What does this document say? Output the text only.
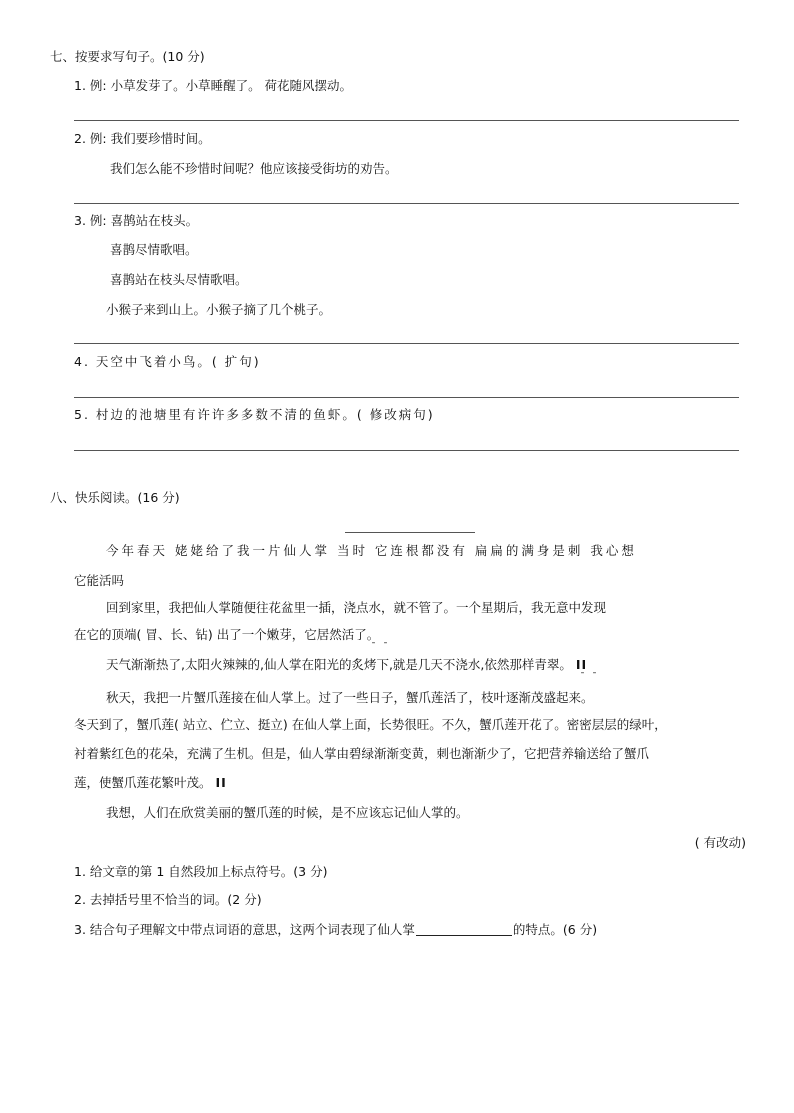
七、按要求写句子。(10 分)
1. 例: 小草发芽了。小草睡醒了。 荷花随风摆动。
2. 例: 我们要珍惜时间。
我们怎么能不珍惜时间呢？他应该接受街坊的劝告。
3. 例: 喜鹊站在枝头。
喜鹊尽情歌唱。
喜鹊站在枝头尽情歌唱。
小猴子来到山上。小猴子摘了几个桃子。
4. 天空中飞着小鸟。( 扩句)
5. 村边的池塘里有许许多多数不清的鱼虾。( 修改病句)
八、快乐阅读。(16 分)
今年春天 姥姥给了我一片仙人掌 当时 它连根都没有 扁扁的满身是刺 我心想
它能活吗
回到家里，我把仙人掌随便往花盆里一插，浇点水，就不管了。一个星期后，我无意中发现
在它的顶端( 冒、长、钻) 出了一个嫩芽，它居然活了。
ˉˉ
天气渐渐热了,太阳火辣辣的,仙人掌在阳光的炙烤下,就是几天不浇水,依然那样青翠。 II
ˉˉ
秋天，我把一片蟹爪莲接在仙人掌上。过了一些日子，蟹爪莲活了，枝叶逐渐茂盛起来。
冬天到了，蟹爪莲( 站立、伫立、挺立) 在仙人掌上面，长势很旺。不久，蟹爪莲开花了。密密层层的绿叶，
衬着紫红色的花朵，充满了生机。但是，仙人掌由碧绿渐渐变黄，刺也渐渐少了，它把营养输送给了蟹爪
莲，使蟹爪莲花繁叶茂。 II
我想，人们在欣赏美丽的蟹爪莲的时候，是不应该忘记仙人掌的。
( 有改动)
1. 给文章的第 1 自然段加上标点符号。(3 分)
2. 去掉括号里不恰当的词。(2 分)
3. 结合句子理解文中带点词语的意思，这两个词表现了仙人掌	的特点。(6 分)
